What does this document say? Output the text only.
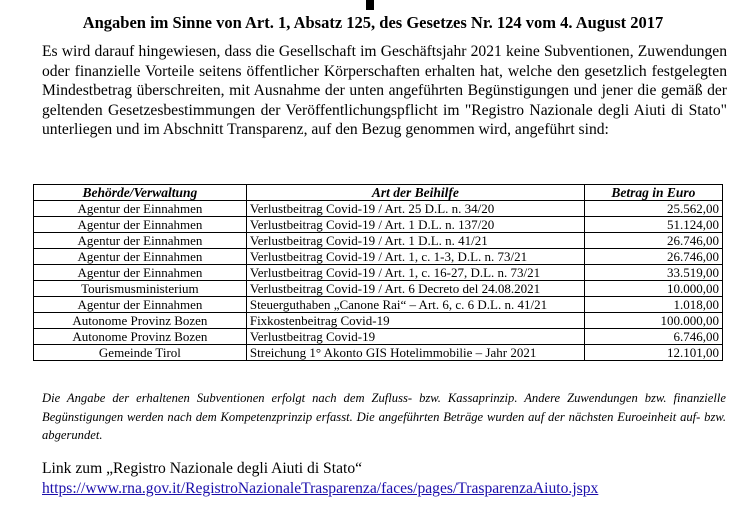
Angaben im Sinne von Art. 1, Absatz 125, des Gesetzes Nr. 124 vom 4. August 2017

Es wird darauf hingewiesen, dass die Gesellschaft im Geschäftsjahr 2021 keine Subventionen, Zuwendungen oder finanzielle Vorteile seitens öffentlicher Körperschaften erhalten hat, welche den gesetzlich festgelegten Mindestbetrag überschreiten, mit Ausnahme der unten angeführten Begünstigungen und jener die gemäß der geltenden Gesetzesbestimmungen der Veröffentlichungspflicht im "Registro Nazionale degli Aiuti di Stato" unterliegen und im Abschnitt Transparenz, auf den Bezug genommen wird, angeführt sind:

Behörde/Verwaltung	Art der Beihilfe	Betrag in Euro
Agentur der Einnahmen	Verlustbeitrag Covid-19 / Art. 25 D.L. n. 34/20	25.562,00
Agentur der Einnahmen	Verlustbeitrag Covid-19 / Art. 1 D.L. n. 137/20	51.124,00
Agentur der Einnahmen	Verlustbeitrag Covid-19 / Art. 1 D.L. n. 41/21	26.746,00
Agentur der Einnahmen	Verlustbeitrag Covid-19 / Art. 1, c. 1-3, D.L. n. 73/21	26.746,00
Agentur der Einnahmen	Verlustbeitrag Covid-19 / Art. 1, c. 16-27, D.L. n. 73/21	33.519,00
Tourismusministerium	Verlustbeitrag Covid-19 / Art. 6 Decreto del 24.08.2021	10.000,00
Agentur der Einnahmen	Steuerguthaben „Canone Rai“ – Art. 6, c. 6 D.L. n. 41/21	1.018,00
Autonome Provinz Bozen	Fixkostenbeitrag Covid-19	100.000,00
Autonome Provinz Bozen	Verlustbeitrag Covid-19	6.746,00
Gemeinde Tirol	Streichung 1° Akonto GIS Hotelimmobilie – Jahr 2021	12.101,00

Die Angabe der erhaltenen Subventionen erfolgt nach dem Zufluss- bzw. Kassaprinzip. Andere Zuwendungen bzw. finanzielle Begünstigungen werden nach dem Kompetenzprinzip erfasst. Die angeführten Beträge wurden auf der nächsten Euroeinheit auf- bzw. abgerundet.

Link zum „Registro Nazionale degli Aiuti di Stato“

https://www.rna.gov.it/RegistroNazionaleTrasparenza/faces/pages/TrasparenzaAiuto.jspx
